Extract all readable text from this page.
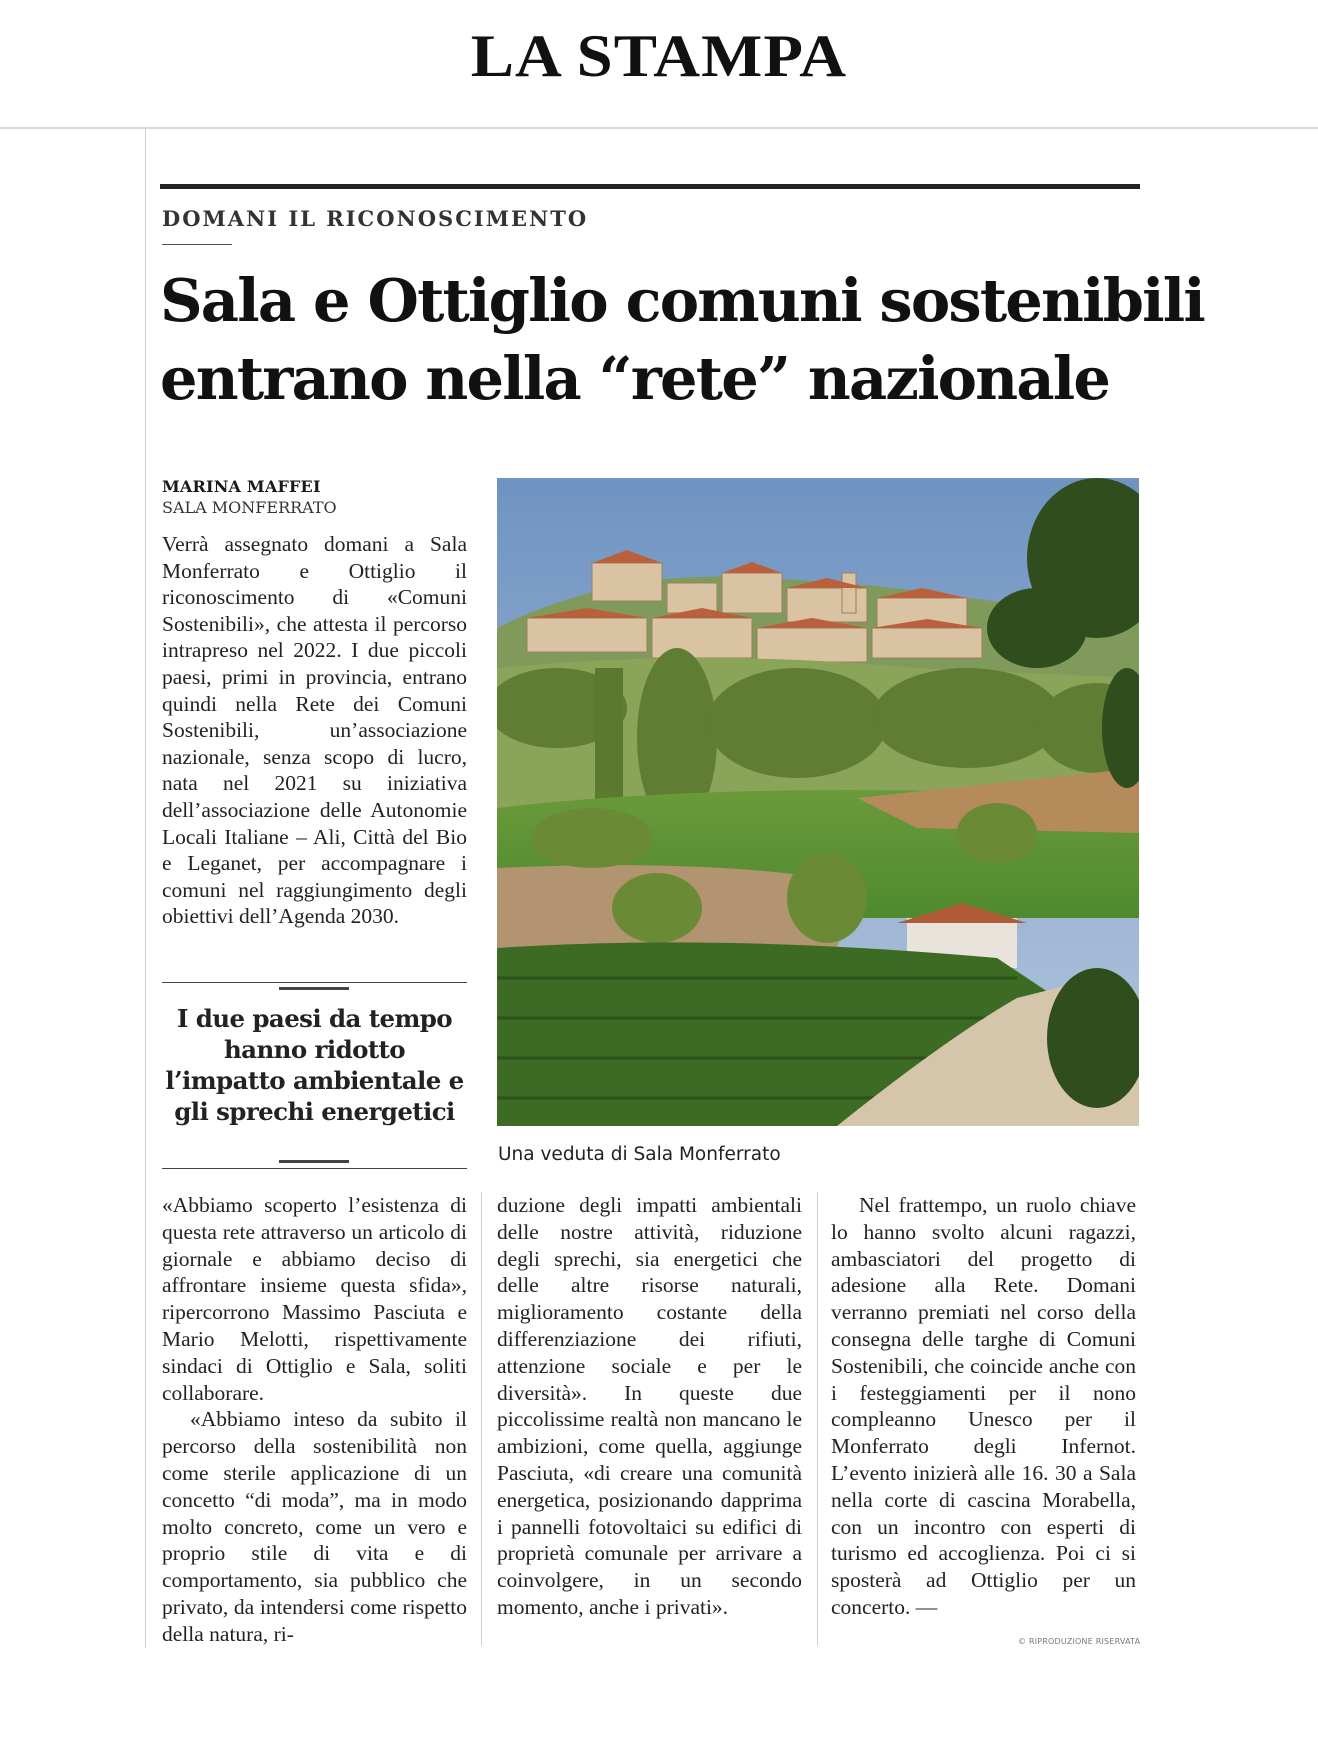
LA STAMPA
DOMANI IL RICONOSCIMENTO
Sala e Ottiglio comuni sostenibili
entrano nella “rete” nazionale
MARINA MAFFEI
SALA MONFERRATO
Verrà assegnato domani a Sala Monferrato e Ottiglio il riconoscimento di «Comuni Sostenibili», che attesta il percorso intrapreso nel 2022. I due piccoli paesi, primi in provincia, entrano quindi nella Rete dei Comuni Sostenibili, un’associazione nazionale, senza scopo di lucro, nata nel 2021 su iniziativa dell’associazione delle Autonomie Locali Italiane – Ali, Città del Bio e Leganet, per accompagnare i comuni nel raggiungimento degli obiettivi dell’Agenda 2030.
I due paesi da tempo hanno ridotto l’impatto ambientale e gli sprechi energetici
Una veduta di Sala Monferrato

«Abbiamo scoperto l’esistenza di questa rete attraverso un articolo di giornale e abbiamo deciso di affrontare insieme questa sfida», ripercorrono Massimo Pasciuta e Mario Melotti, rispettivamente sindaci di Ottiglio e Sala, soliti collaborare.

«Abbiamo inteso da subito il percorso della sostenibilità non come sterile applicazione di un concetto “di moda”, ma in modo molto concreto, come un vero e proprio stile di vita e di comportamento, sia pubblico che privato, da intendersi come rispetto della natura, ri-

duzione degli impatti ambientali delle nostre attività, riduzione degli sprechi, sia energetici che delle altre risorse naturali, miglioramento costante della differenziazione dei rifiuti, attenzione sociale e per le diversità». In queste due piccolissime realtà non mancano le ambizioni, come quella, aggiunge Pasciuta, «di creare una comunità energetica, posizionando dapprima i pannelli fotovoltaici su edifici di proprietà comunale per arrivare a coinvolgere, in un secondo momento, anche i privati».

Nel frattempo, un ruolo chiave lo hanno svolto alcuni ragazzi, ambasciatori del progetto di adesione alla Rete. Domani verranno premiati nel corso della consegna delle targhe di Comuni Sostenibili, che coincide anche con i festeggiamenti per il nono compleanno Unesco per il Monferrato degli Infernot. L’evento inizierà alle 16. 30 a Sala nella corte di cascina Morabella, con un incontro con esperti di turismo ed accoglienza. Poi ci si sposterà ad Ottiglio per un concerto. —

© RIPRODUZIONE RISERVATA
